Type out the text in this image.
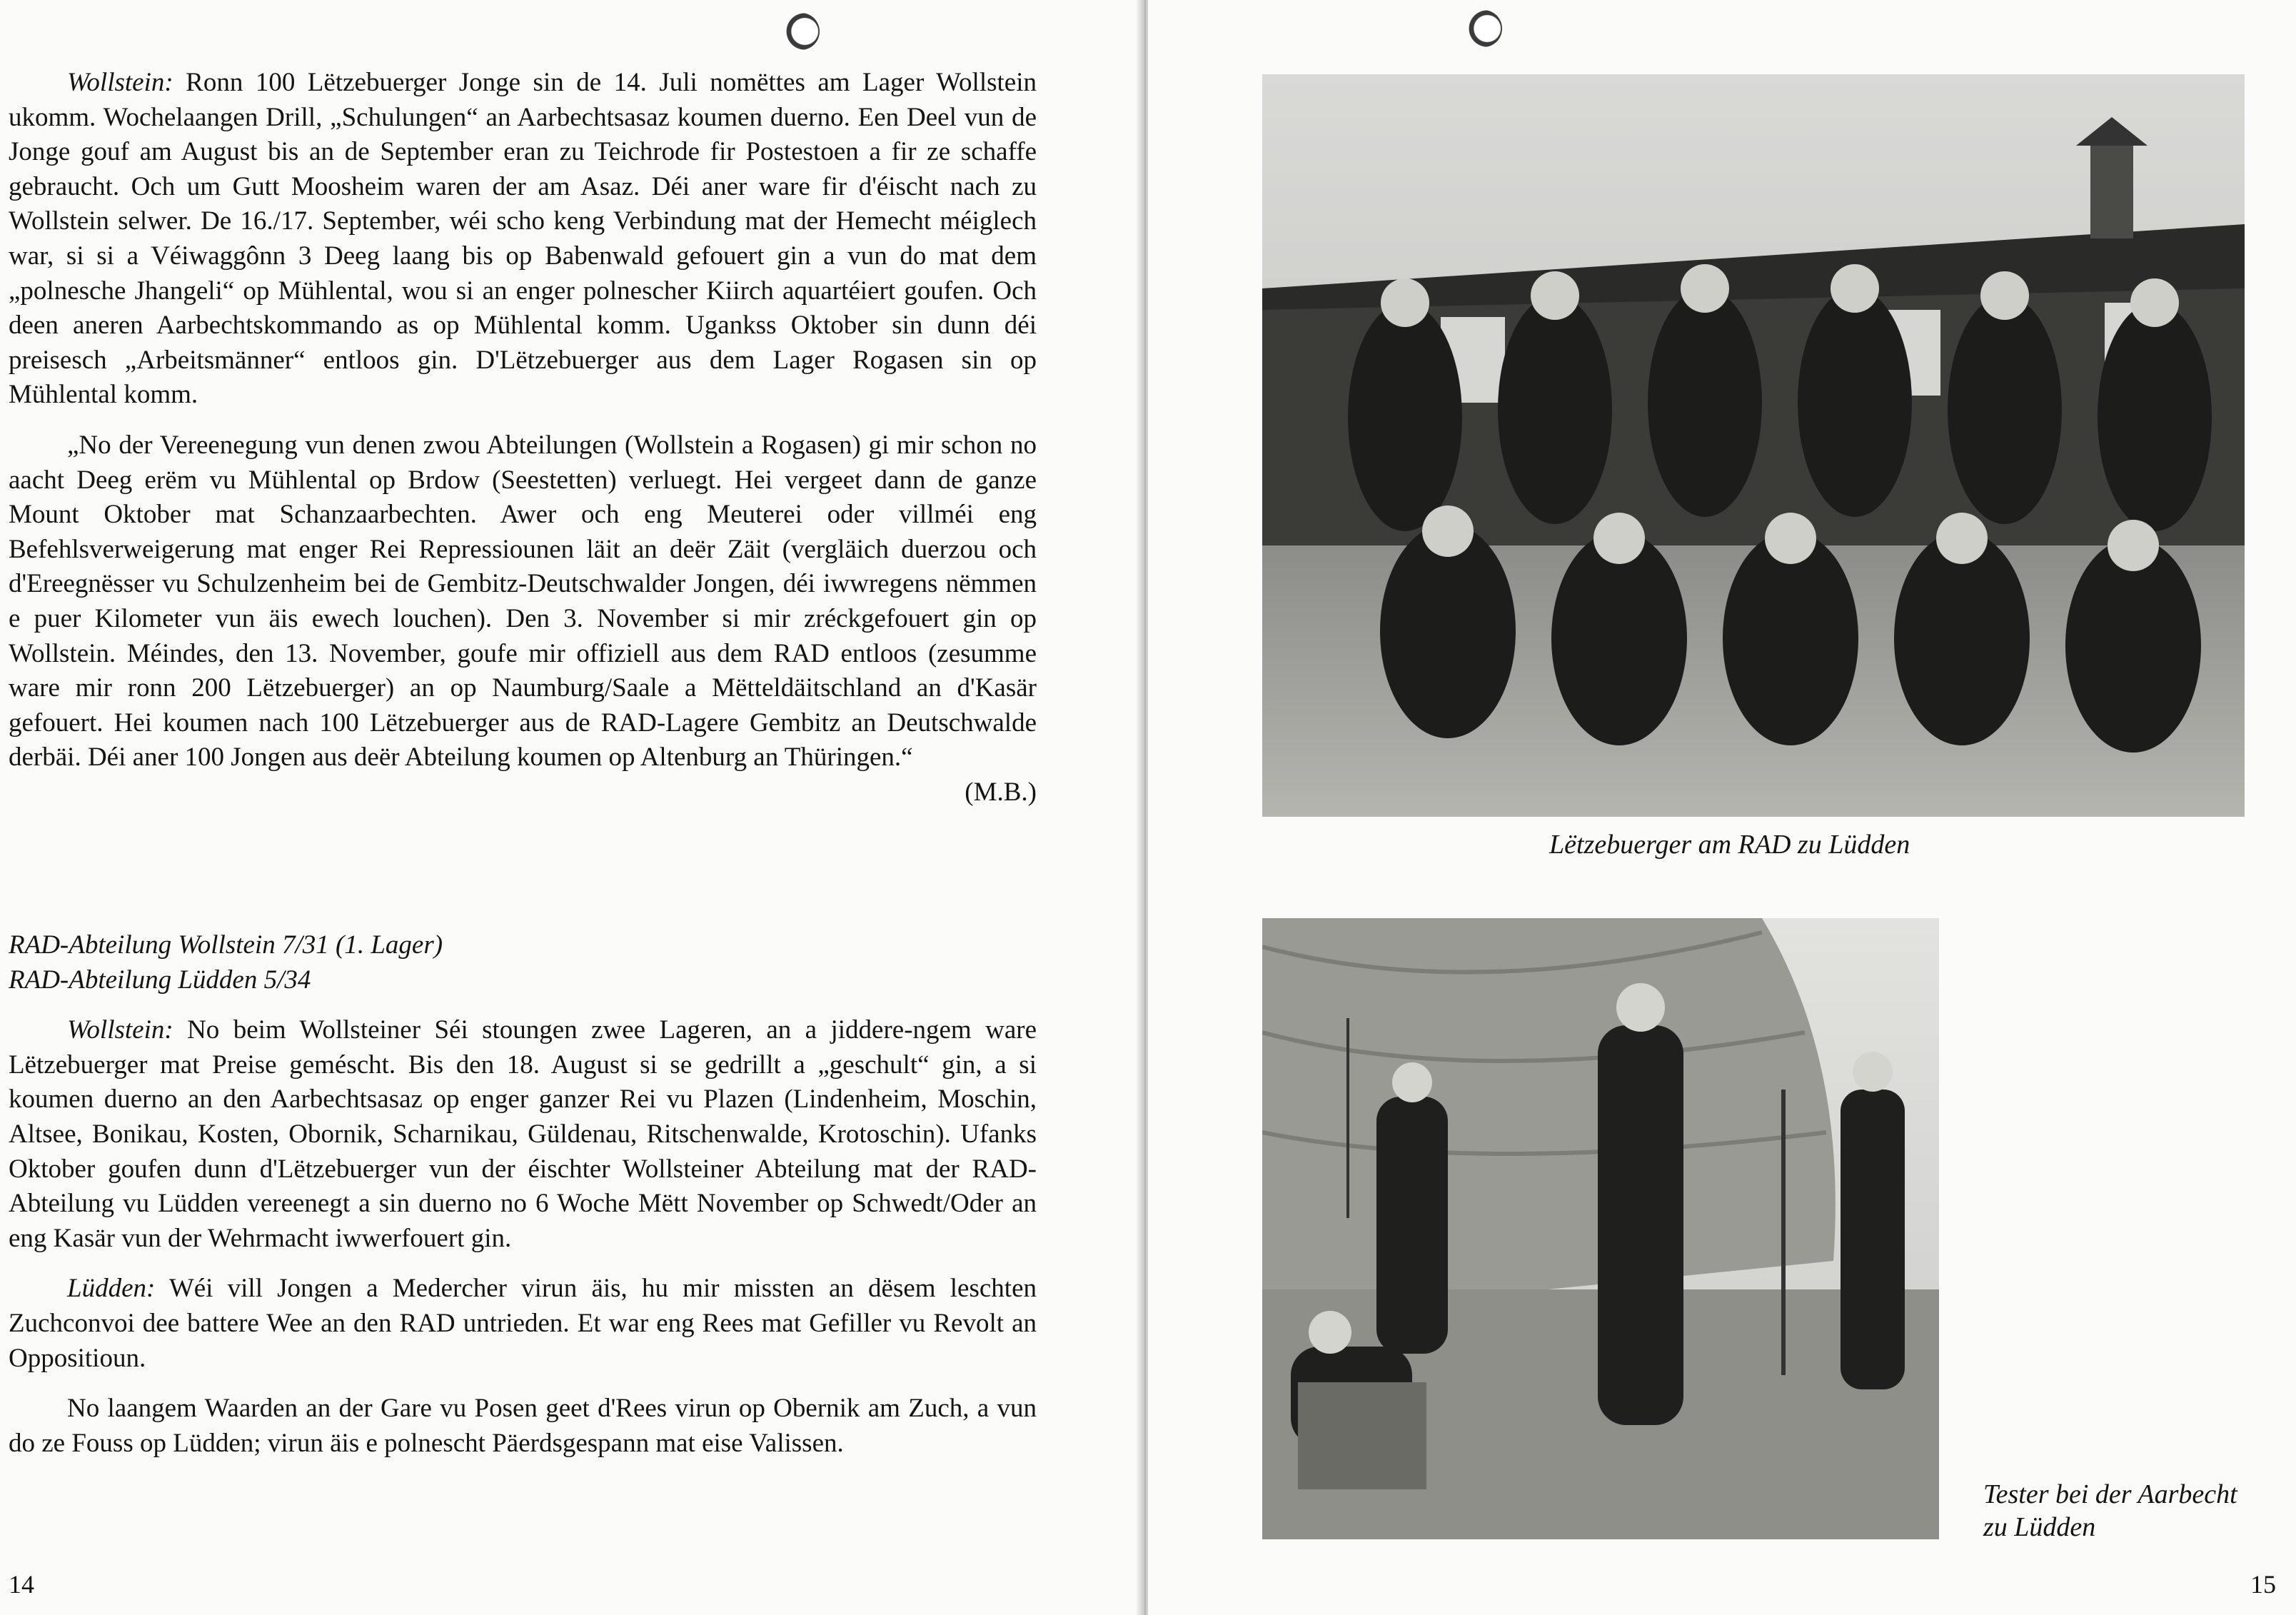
Wollstein: Ronn 100 Lëtzebuerger Jonge sin de 14. Juli nomëttes am Lager Wollstein ukomm. Wochelaangen Drill, „Schulungen“ an Aarbechtsasaz koumen duerno. Een Deel vun de Jonge gouf am August bis an de September eran zu Teichrode fir Postestoen a fir ze schaffe gebraucht. Och um Gutt Moosheim waren der am Asaz. Déi aner ware fir d'éischt nach zu Wollstein selwer. De 16./17. September, wéi scho keng Verbindung mat der Hemecht méiglech war, si si a Véiwaggônn 3 Deeg laang bis op Babenwald gefouert gin a vun do mat dem „polnesche Jhangeli“ op Mühlental, wou si an enger polnescher Kiirch aquartéiert goufen. Och deen aneren Aarbechtskommando as op Mühlental komm. Ugankss Oktober sin dunn déi preisesch „Arbeitsmänner“ entloos gin. D'Lëtzebuerger aus dem Lager Rogasen sin op Mühlental komm.

„No der Vereenegung vun denen zwou Abteilungen (Wollstein a Rogasen) gi mir schon no aacht Deeg erëm vu Mühlental op Brdow (Seestetten) verluegt. Hei vergeet dann de ganze Mount Oktober mat Schanzaarbechten. Awer och eng Meuterei oder villméi eng Befehlsverweigerung mat enger Rei Repressiounen läit an deër Zäit (vergläich duerzou och d'Ereegnësser vu Schulzenheim bei de Gembitz-Deutschwalder Jongen, déi iwwregens nëmmen e puer Kilometer vun äis ewech louchen). Den 3. November si mir zréckgefouert gin op Wollstein. Méindes, den 13. November, goufe mir offiziell aus dem RAD entloos (zesumme ware mir ronn 200 Lëtzebuerger) an op Naumburg/Saale a Mëtteldäitschland an d'Kasär gefouert. Hei koumen nach 100 Lëtzebuerger aus de RAD-Lagere Gembitz an Deutschwalde derbäi. Déi aner 100 Jongen aus deër Abteilung koumen op Altenburg an Thüringen.“
(M.B.)

RAD-Abteilung Wollstein 7/31 (1. Lager)

RAD-Abteilung Lüdden 5/34

Wollstein: No beim Wollsteiner Séi stoungen zwee Lageren, an a jiddere-ngem ware Lëtzebuerger mat Preise geméscht. Bis den 18. August si se gedrillt a „geschult“ gin, a si koumen duerno an den Aarbechtsasaz op enger ganzer Rei vu Plazen (Lindenheim, Moschin, Altsee, Bonikau, Kosten, Obornik, Scharnikau, Güldenau, Ritschenwalde, Krotoschin). Ufanks Oktober goufen dunn d'Lëtzebuerger vun der éischter Wollsteiner Abteilung mat der RAD-Abteilung vu Lüdden vereenegt a sin duerno no 6 Woche Mëtt November op Schwedt/Oder an eng Kasär vun der Wehrmacht iwwerfouert gin.

Lüdden: Wéi vill Jongen a Medercher virun äis, hu mir missten an dësem leschten Zuchconvoi dee battere Wee an den RAD untrieden. Et war eng Rees mat Gefiller vu Revolt an Oppositioun.

No laangem Waarden an der Gare vu Posen geet d'Rees virun op Obernik am Zuch, a vun do ze Fouss op Lüdden; virun äis e polnescht Päerdsgespann mat eise Valissen.

14
Lëtzebuerger am RAD zu Lüdden
Tester bei der Aarbecht
zu Lüdden
15
